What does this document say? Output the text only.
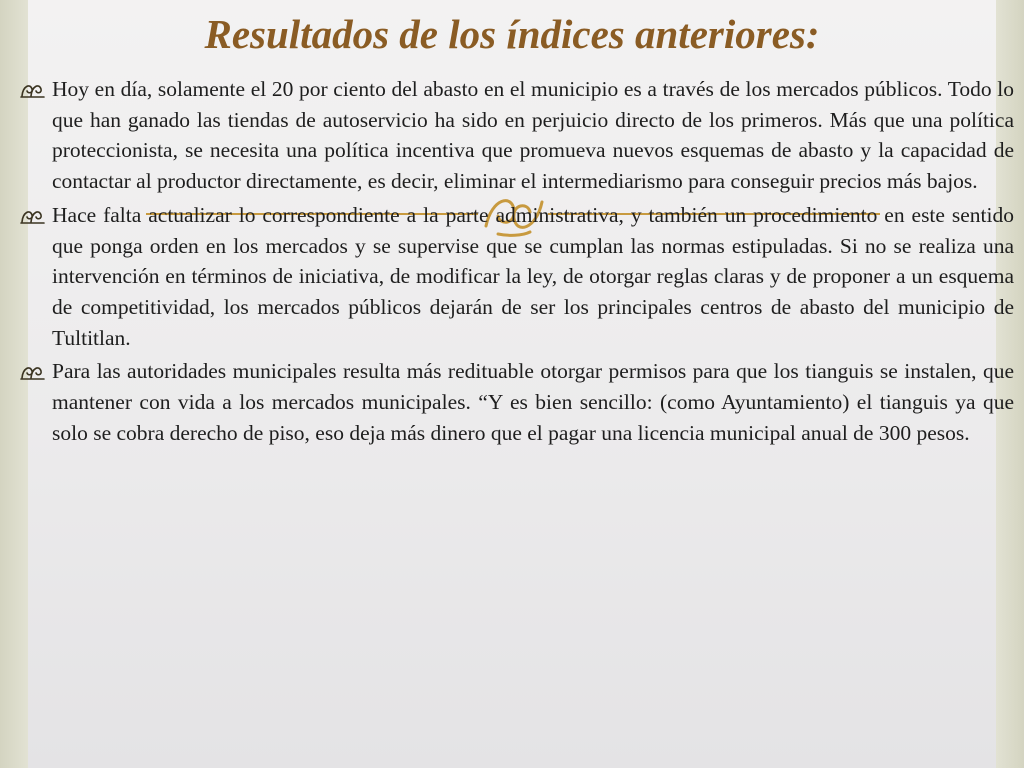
Resultados de los índices anteriores:
Hoy en día, solamente el 20 por ciento del abasto en el municipio es a través de los mercados públicos. Todo lo que han ganado las tiendas de autoservicio ha sido en perjuicio directo de los primeros. Más que una política proteccionista, se necesita una política incentiva que promueva nuevos esquemas de abasto y la capacidad de contactar al productor directamente, es decir, eliminar el intermediarismo para conseguir precios más bajos.
Hace falta actualizar lo correspondiente a la parte administrativa, y también un procedimiento en este sentido que ponga orden en los mercados y se supervise que se cumplan las normas estipuladas. Si no se realiza una intervención en términos de iniciativa, de modificar la ley, de otorgar reglas claras y de proponer a un esquema de competitividad, los mercados públicos dejarán de ser los principales centros de abasto del municipio de Tultitlan.
Para las autoridades municipales resulta más redituable otorgar permisos para que los tianguis se instalen, que mantener con vida a los mercados municipales. “Y es bien sencillo: (como Ayuntamiento) el tianguis ya que solo se cobra derecho de piso, eso deja más dinero que el pagar una licencia municipal anual de 300 pesos.
